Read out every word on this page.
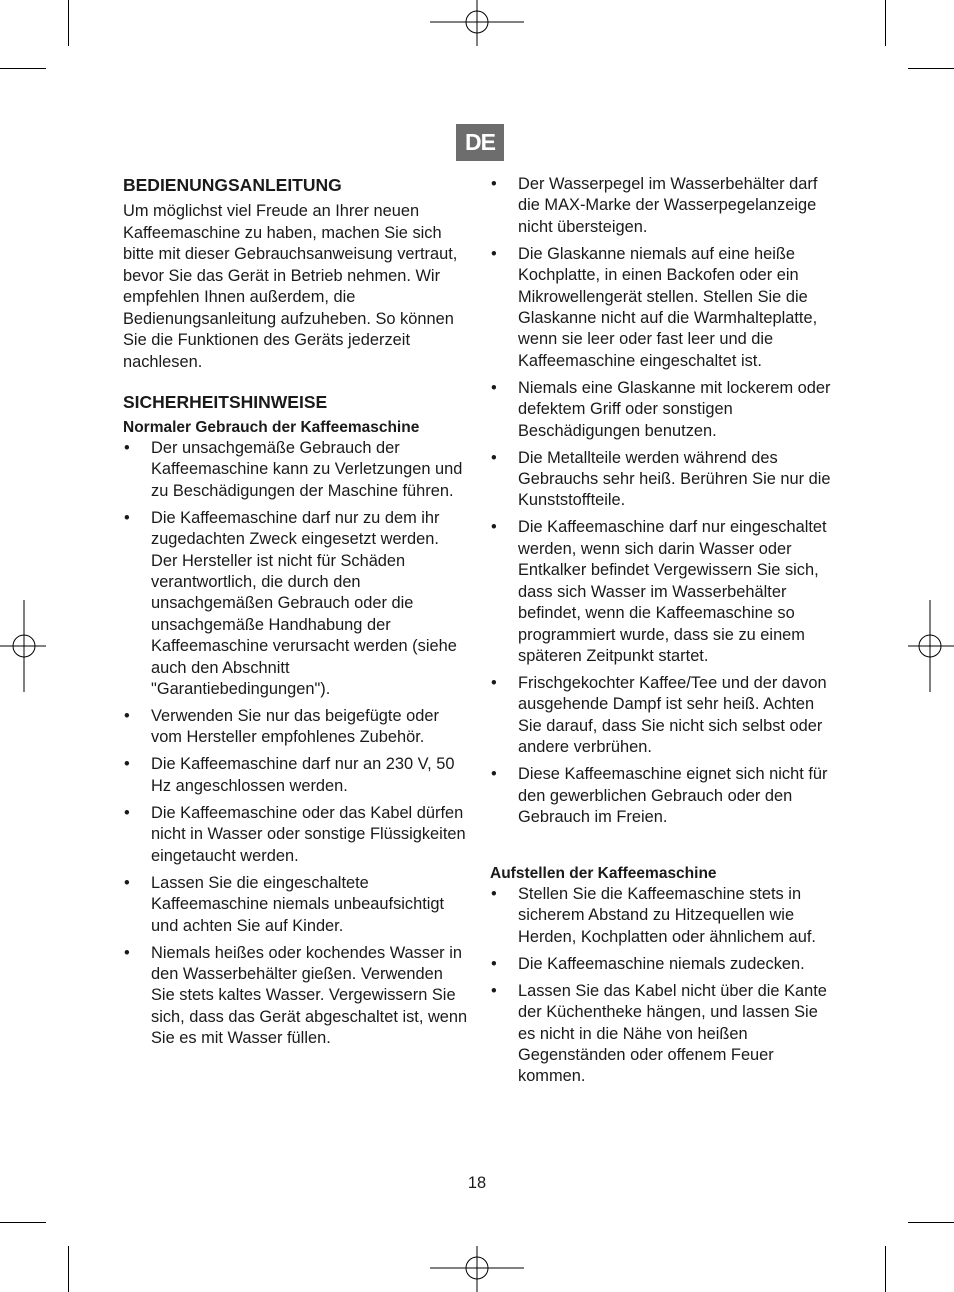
DE
BEDIENUNGSANLEITUNG

Um möglichst viel Freude an Ihrer neuen Kaffeemaschine zu haben, machen Sie sich bitte mit dieser Gebrauchsanweisung vertraut, bevor Sie das Gerät in Betrieb nehmen. Wir empfehlen Ihnen außerdem, die Bedienungsanleitung aufzuheben. So können Sie die Funktionen des Geräts jederzeit nachlesen.

SICHERHEITSHINWEISE
Normaler Gebrauch der Kaffeemaschine
• Der unsachgemäße Gebrauch der Kaffeemaschine kann zu Verletzungen und zu Beschädigungen der Maschine führen.
• Die Kaffeemaschine darf nur zu dem ihr zugedachten Zweck eingesetzt werden. Der Hersteller ist nicht für Schäden verantwortlich, die durch den unsachgemäßen Gebrauch oder die unsachgemäße Handhabung der Kaffeemaschine verursacht werden (siehe auch den Abschnitt "Garantiebedingungen").
• Verwenden Sie nur das beigefügte oder vom Hersteller empfohlenes Zubehör.
• Die Kaffeemaschine darf nur an 230 V, 50 Hz angeschlossen werden.
• Die Kaffeemaschine oder das Kabel dürfen nicht in Wasser oder sonstige Flüssigkeiten eingetaucht werden.
• Lassen Sie die eingeschaltete Kaffeemaschine niemals unbeaufsichtigt und achten Sie auf Kinder.
• Niemals heißes oder kochendes Wasser in den Wasserbehälter gießen. Verwenden Sie stets kaltes Wasser. Vergewissern Sie sich, dass das Gerät abgeschaltet ist, wenn Sie es mit Wasser füllen.
• Der Wasserpegel im Wasserbehälter darf die MAX-Marke der Wasserpegelanzeige nicht übersteigen.
• Die Glaskanne niemals auf eine heiße Kochplatte, in einen Backofen oder ein Mikrowellengerät stellen. Stellen Sie die Glaskanne nicht auf die Warmhalteplatte, wenn sie leer oder fast leer und die Kaffeemaschine eingeschaltet ist.
• Niemals eine Glaskanne mit lockerem oder defektem Griff oder sonstigen Beschädigungen benutzen.
• Die Metallteile werden während des Gebrauchs sehr heiß. Berühren Sie nur die Kunststoffteile.
• Die Kaffeemaschine darf nur eingeschaltet werden, wenn sich darin Wasser oder Entkalker befindet Vergewissern Sie sich, dass sich Wasser im Wasserbehälter befindet, wenn die Kaffeemaschine so programmiert wurde, dass sie zu einem späteren Zeitpunkt startet.
• Frischgekochter Kaffee/Tee und der davon ausgehende Dampf ist sehr heiß. Achten Sie darauf, dass Sie nicht sich selbst oder andere verbrühen.
• Diese Kaffeemaschine eignet sich nicht für den gewerblichen Gebrauch oder den Gebrauch im Freien.
Aufstellen der Kaffeemaschine
• Stellen Sie die Kaffeemaschine stets in sicherem Abstand zu Hitzequellen wie Herden, Kochplatten oder ähnlichem auf.
• Die Kaffeemaschine niemals zudecken.
• Lassen Sie das Kabel nicht über die Kante der Küchentheke hängen, und lassen Sie es nicht in die Nähe von heißen Gegenständen oder offenem Feuer kommen.
18
